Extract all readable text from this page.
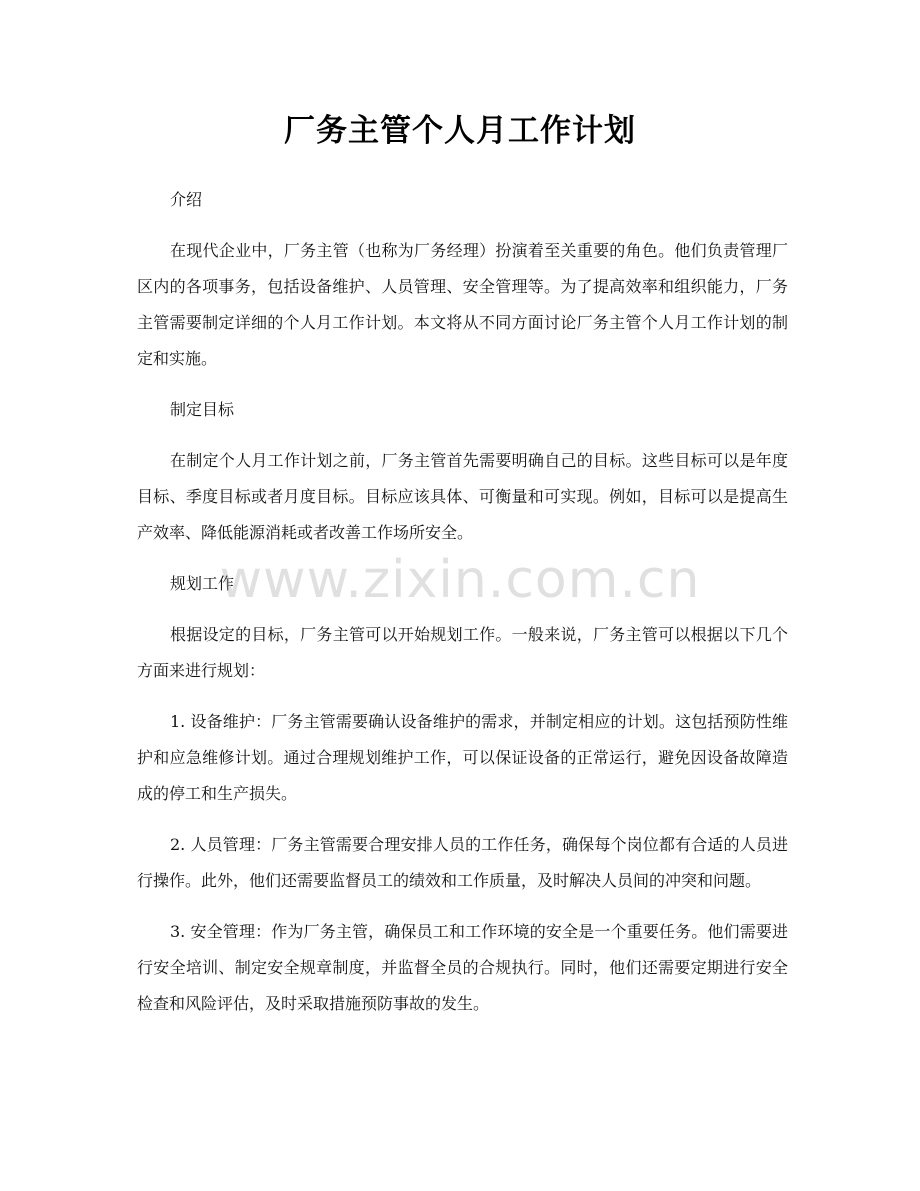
厂务主管个人月工作计划

介绍

在现代企业中，厂务主管（也称为厂务经理）扮演着至关重要的角色。他们负责管理厂区内的各项事务，包括设备维护、人员管理、安全管理等。为了提高效率和组织能力，厂务主管需要制定详细的个人月工作计划。本文将从不同方面讨论厂务主管个人月工作计划的制定和实施。

制定目标

在制定个人月工作计划之前，厂务主管首先需要明确自己的目标。这些目标可以是年度目标、季度目标或者月度目标。目标应该具体、可衡量和可实现。例如，目标可以是提高生产效率、降低能源消耗或者改善工作场所安全。

规划工作

根据设定的目标，厂务主管可以开始规划工作。一般来说，厂务主管可以根据以下几个方面来进行规划：

1. 设备维护：厂务主管需要确认设备维护的需求，并制定相应的计划。这包括预防性维护和应急维修计划。通过合理规划维护工作，可以保证设备的正常运行，避免因设备故障造成的停工和生产损失。

2. 人员管理：厂务主管需要合理安排人员的工作任务，确保每个岗位都有合适的人员进行操作。此外，他们还需要监督员工的绩效和工作质量，及时解决人员间的冲突和问题。

3. 安全管理：作为厂务主管，确保员工和工作环境的安全是一个重要任务。他们需要进行安全培训、制定安全规章制度，并监督全员的合规执行。同时，他们还需要定期进行安全检查和风险评估，及时采取措施预防事故的发生。

www.zixin.com.cn
